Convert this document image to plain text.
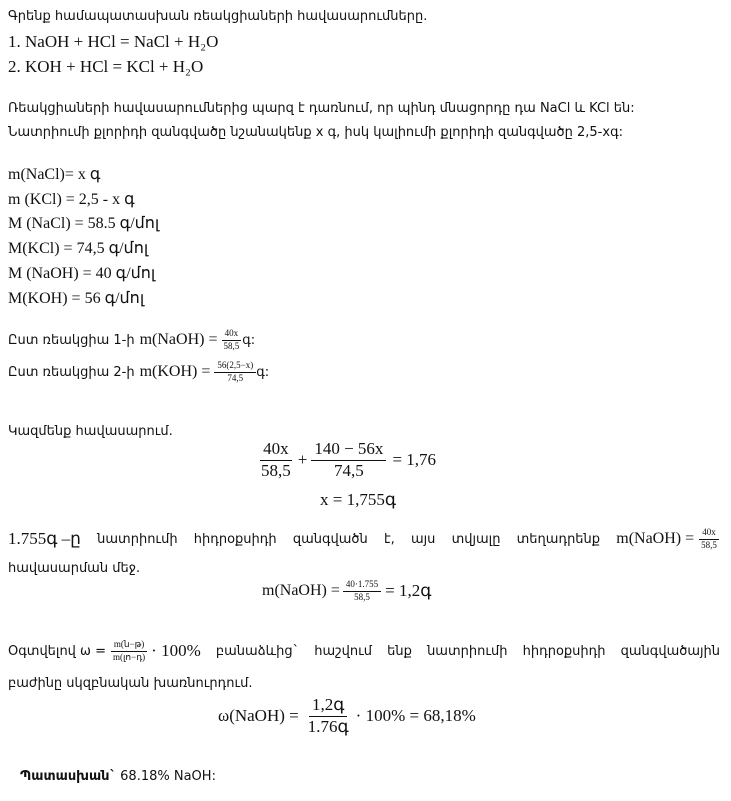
Գրենք համապատասխան ռեակցիաների հավասարումները.
1. NaOH + HCl = NaCl + H₂O
2. KOH + HCl = KCl + H₂O
Ռեակցիաների հավասարումներից պարզ է դառնում, որ պինդ մնացորդը դա NaCl և KCl են:
Նատրիումի քլորիդի զանգվածը նշանակենք x գ, իսկ կալիումի քլորիդի զանգվածը 2,5-xգ:
m(NaCl)= x գ
m (KCl) = 2,5 - x գ
M (NaCl) = 58.5 գ/մոլ
M(KCl) = 74,5 գ/մոլ
M (NaOH) = 40 գ/մոլ
M(KOH) = 56 գ/մոլ
Ըստ ռեակցիա 1-ի m(NaOH) = $\frac{40x}{58,5}$ գ:
Ըստ ռեակցիա 2-ի $m(KOH) = \frac{56(2,5-x)}{74,5}$ գ:
Կազմենք հավասարում.
$\frac{40x}{58,5} + \frac{140 - 56x}{74,5} = 1,76$
x = 1,755գ
1.755գ –ը նատրիումի հիդրօքսիդի զանգվածն է, այս տվյալը տեղադրենք m(NaOH) = $\frac{40x}{58,5}$
հավասարման մեջ.
m(NaOH) = $\frac{40\cdot 1.755}{58,5}$ = 1,2գ
Օգտվելով $\omega = \frac{\text{m(ն−թ)}}{\text{m(լո−դ)}} \cdot 100\%$ բանաձևից` հաշվում ենք նատրիումի հիդրօքսիդի զանգվածային
բաժինը սկզբնական խառնուրդում.
ω(NaOH) = $\frac{\text{1,2գ}}{\text{1.76գ}} \cdot 100\% = 68,18\%$
Պատասխան` 68.18% NaOH:
